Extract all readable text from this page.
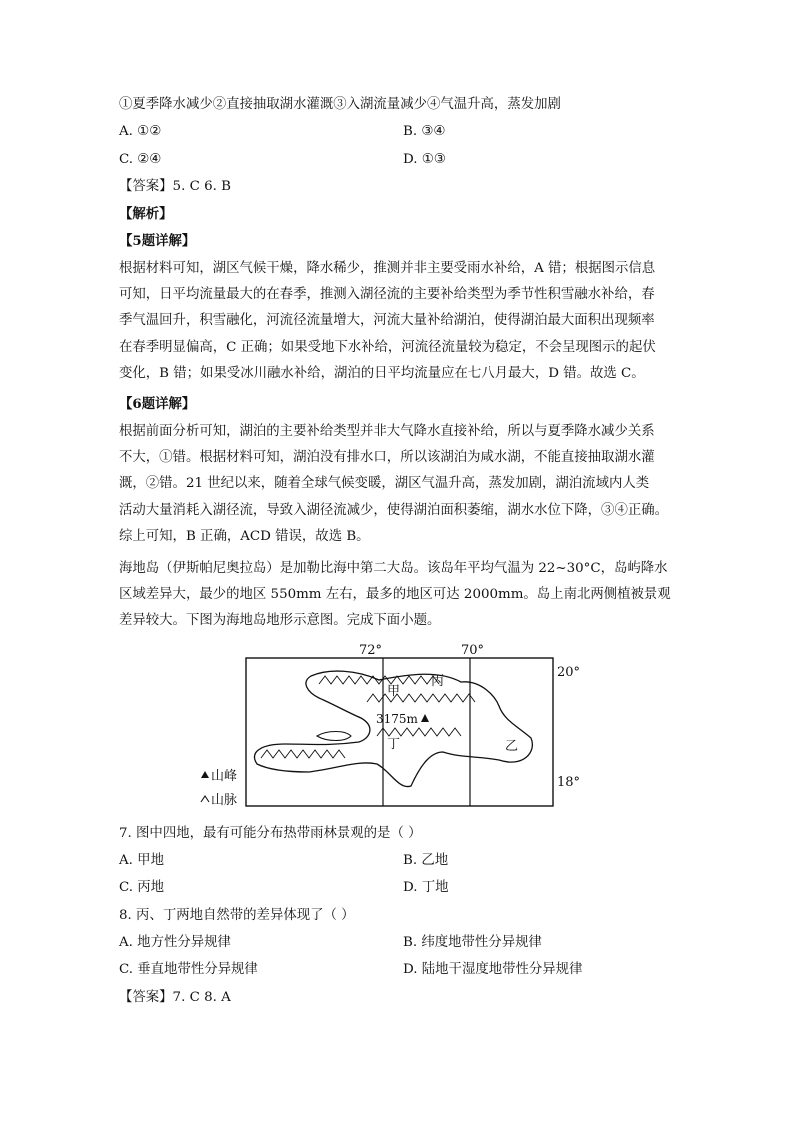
①夏季降水减少②直接抽取湖水灌溉③入湖流量减少④气温升高，蒸发加剧
A. ①②	B. ③④
C. ②④	D. ①③
【答案】5. C 6. B
【解析】
【5题详解】

根据材料可知，湖区气候干燥，降水稀少，推测并非主要受雨水补给，A 错；根据图示信息

可知，日平均流量最大的在春季，推测入湖径流的主要补给类型为季节性积雪融水补给，春

季气温回升，积雪融化，河流径流量增大，河流大量补给湖泊，使得湖泊最大面积出现频率

在春季明显偏高，C 正确；如果受地下水补给，河流径流量较为稳定，不会呈现图示的起伏

变化，B 错；如果受冰川融水补给，湖泊的日平均流量应在七八月最大，D 错。故选 C。

【6题详解】

根据前面分析可知，湖泊的主要补给类型并非大气降水直接补给，所以与夏季降水减少关系

不大，①错。根据材料可知，湖泊没有排水口，所以该湖泊为咸水湖，不能直接抽取湖水灌

溉，②错。21 世纪以来，随着全球气候变暖，湖区气温升高，蒸发加剧，湖泊流域内人类

活动大量消耗入湖径流，导致入湖径流减少，使得湖泊面积萎缩，湖水水位下降，③④正确。

综上可知，B 正确，ACD 错误，故选 B。

海地岛（伊斯帕尼奥拉岛）是加勒比海中第二大岛。该岛年平均气温为 22~30°C，岛屿降水

区域差异大，最少的地区 550mm 左右，最多的地区可达 2000mm。岛上南北两侧植被景观

差异较大。下图为海地岛地形示意图。完成下面小题。

72°	70°
20°
18°
3175m
甲
乙
丙
丁
山峰
山脉
7. 图中四地，最有可能分布热带雨林景观的是（ ）
A. 甲地	B. 乙地
C. 丙地	D. 丁地
8. 丙、丁两地自然带的差异体现了（ ）
A. 地方性分异规律	B. 纬度地带性分异规律
C. 垂直地带性分异规律	D. 陆地干湿度地带性分异规律
【答案】7. C 8. A
